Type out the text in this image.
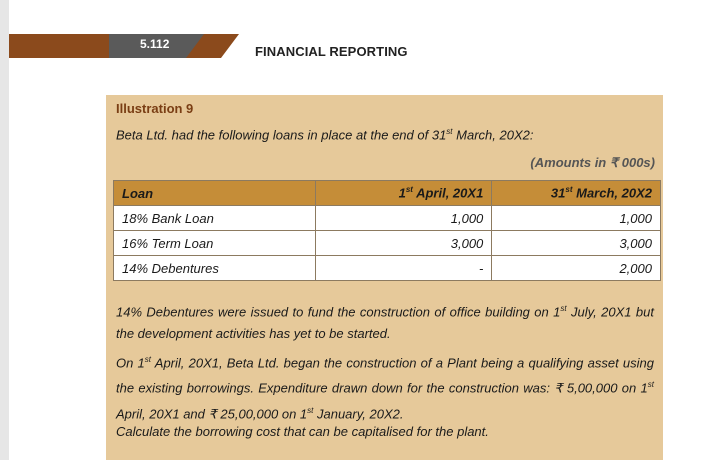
5.112	FINANCIAL REPORTING
Illustration 9
Beta Ltd. had the following loans in place at the end of 31st March, 20X2:
(Amounts in ₹ 000s)
Loan	1st April, 20X1	31st March, 20X2
18% Bank Loan	1,000	1,000
16% Term Loan	3,000	3,000
14% Debentures	-	2,000
14% Debentures were issued to fund the construction of office building on 1st July, 20X1 but the development activities has yet to be started.
On 1st April, 20X1, Beta Ltd. began the construction of a Plant being a qualifying asset using the existing borrowings. Expenditure drawn down for the construction was: ₹ 5,00,000 on 1st April, 20X1 and ₹ 25,00,000 on 1st January, 20X2.
Calculate the borrowing cost that can be capitalised for the plant.
